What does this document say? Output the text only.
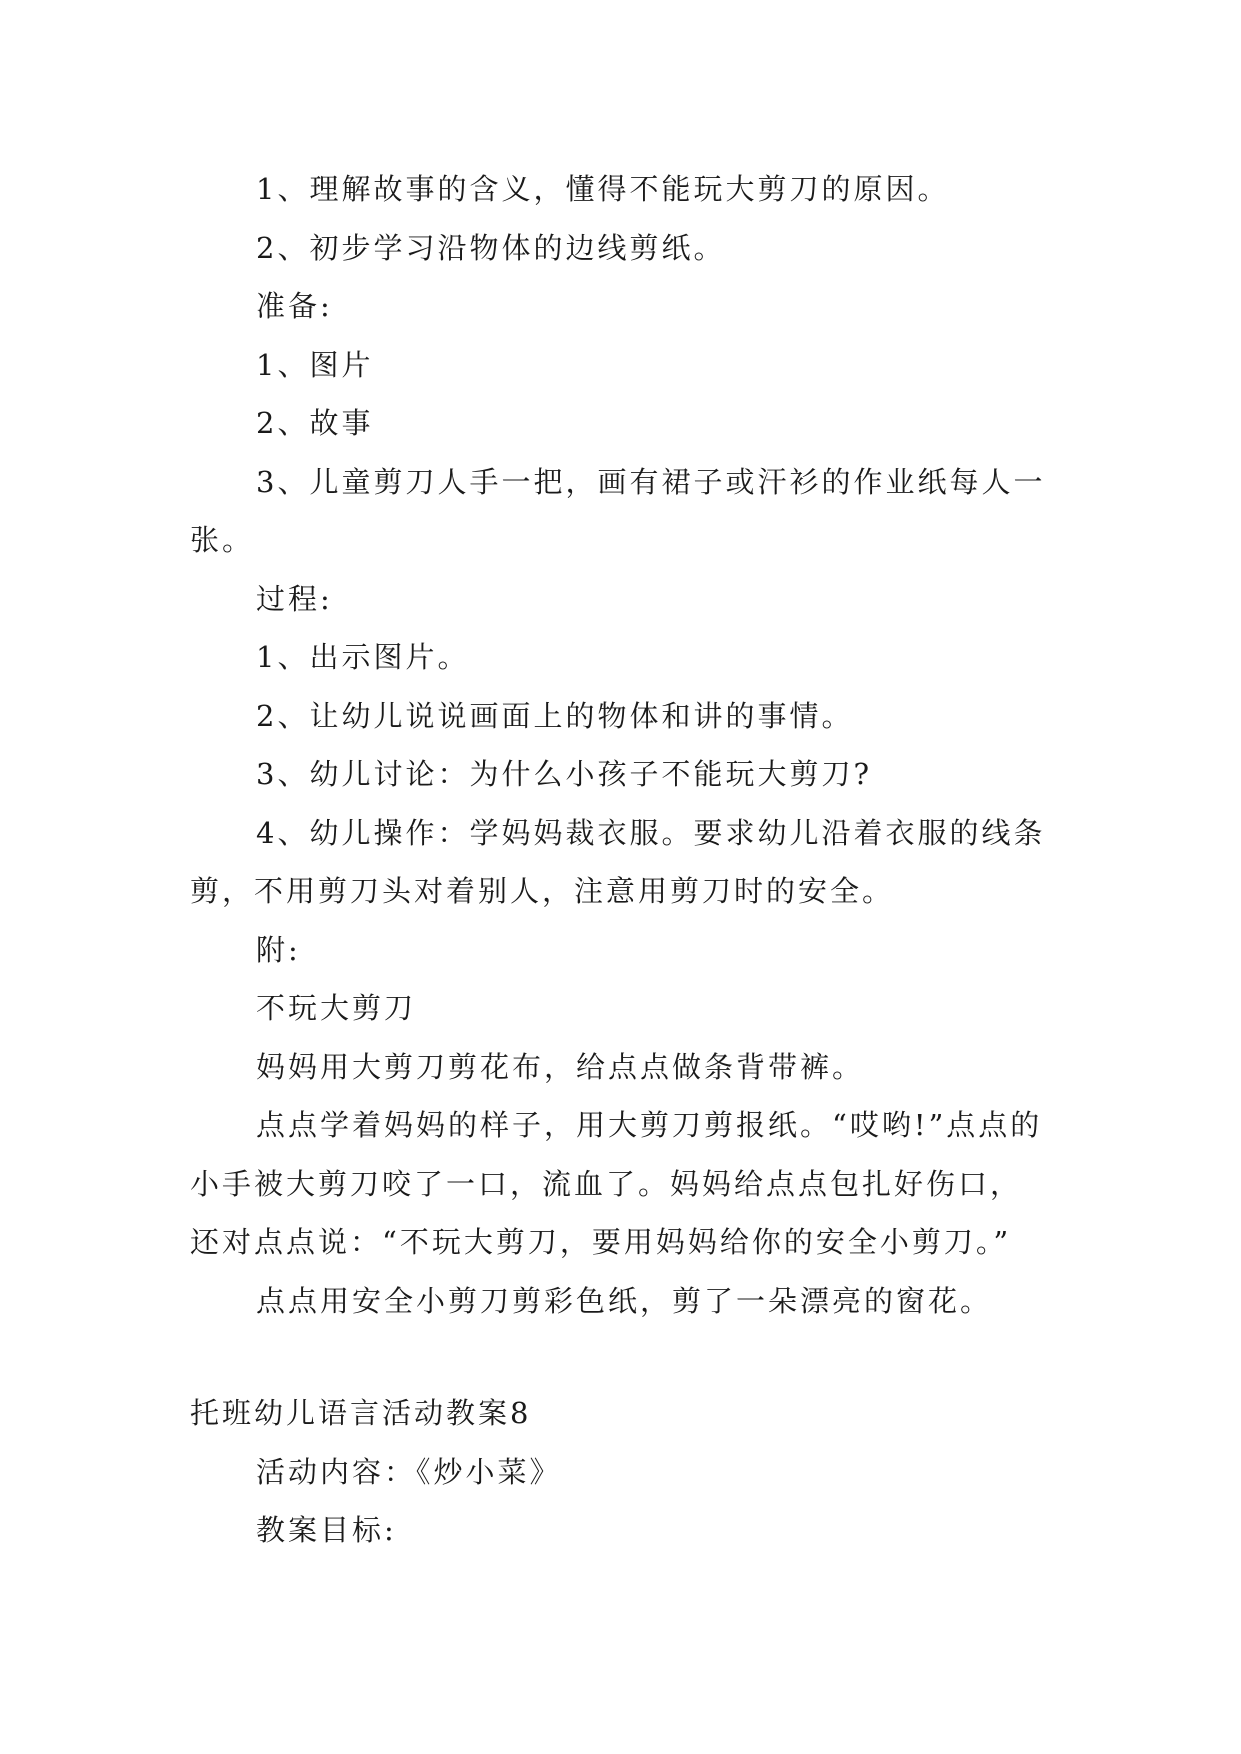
1、理解故事的含义，懂得不能玩大剪刀的原因。

2、初步学习沿物体的边线剪纸。

准备:

1、图片

2、故事

3、儿童剪刀人手一把，画有裙子或汗衫的作业纸每人一张。

过程:

1、出示图片。

2、让幼儿说说画面上的物体和讲的事情。

3、幼儿讨论：为什么小孩子不能玩大剪刀?

4、幼儿操作：学妈妈裁衣服。要求幼儿沿着衣服的线条剪，不用剪刀头对着别人，注意用剪刀时的安全。

附:

不玩大剪刀

妈妈用大剪刀剪花布，给点点做条背带裤。

点点学着妈妈的样子，用大剪刀剪报纸。“哎哟!”点点的小手被大剪刀咬了一口，流血了。妈妈给点点包扎好伤口，还对点点说：“不玩大剪刀，要用妈妈给你的安全小剪刀。”

点点用安全小剪刀剪彩色纸，剪了一朵漂亮的窗花。

托班幼儿语言活动教案8

活动内容：《炒小菜》

教案目标:
